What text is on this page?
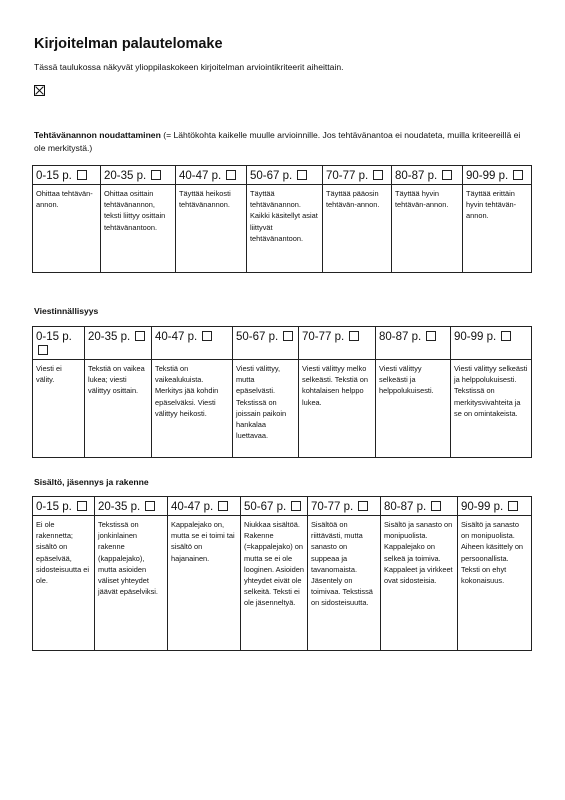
Kirjoitelman palautelomake

Tässä taulukossa näkyvät ylioppilaskokeen kirjoitelman arviointikriteerit aiheittain.

Tehtävänannon noudattaminen (= Lähtökohta kaikelle muulle arvioinnille. Jos tehtävänantoa ei noudateta, muilla kriteereillä ei ole merkitystä.)

0-15 p.	20-35 p.	40-47 p.	50-67 p.	70-77 p.	80-87 p.	90-99 p.
Ohittaa tehtävän-annon.	Ohittaa osittain tehtävänannon, teksti liittyy osittain tehtävänantoon.	Täyttää heikosti tehtävänannon.	Täyttää tehtävänannon. Kaikki käsitellyt asiat liittyvät tehtävänantoon.	Täyttää pääosin tehtävän-annon.	Täyttää hyvin tehtävän-annon.	Täyttää erittäin hyvin tehtävän-annon.

Viestinnällisyys

0-15 p.	20-35 p.	40-47 p.	50-67 p.	70-77 p.	80-87 p.	90-99 p.
Viesti ei välity.	Tekstiä on vaikea lukea; viesti välittyy osittain.	Tekstiä on vaikealukuista. Merkitys jää kohdin epäselväksi. Viesti välittyy heikosti.	Viesti välittyy, mutta epäselvästi. Tekstissä on joissain paikoin hankalaa luettavaa.	Viesti välittyy melko selkeästi. Tekstiä on kohtalaisen helppo lukea.	Viesti välittyy selkeästi ja helppolukuisesti.	Viesti välittyy selkeästi ja helppolukuisesti. Tekstissä on merkitysvivahteita ja se on omintakeista.

Sisältö, jäsennys ja rakenne

0-15 p.	20-35 p.	40-47 p.	50-67 p.	70-77 p.	80-87 p.	90-99 p.
Ei ole rakennetta; sisältö on epäselvää, sidosteisuutta ei ole.	Tekstissä on jonkinlainen rakenne (kappalejako), mutta asioiden väliset yhteydet jäävät epäselviksi.	Kappalejako on, mutta se ei toimi tai sisältö on hajanainen.	Niukkaa sisältöä. Rakenne (=kappalejako) on mutta se ei ole looginen. Asioiden yhteydet eivät ole selkeitä. Teksti ei ole jäsenneltyä.	Sisältöä on riittävästi, mutta sanasto on suppeaa ja tavanomaista. Jäsentely on toimivaa. Tekstissä on sidosteisuutta.	Sisältö ja sanasto on monipuolista. Kappalejako on selkeä ja toimiva. Kappaleet ja virkkeet ovat sidosteisia.	Sisältö ja sanasto on monipuolista. Aiheen käsittely on persoonallista. Teksti on ehyt kokonaisuus.
